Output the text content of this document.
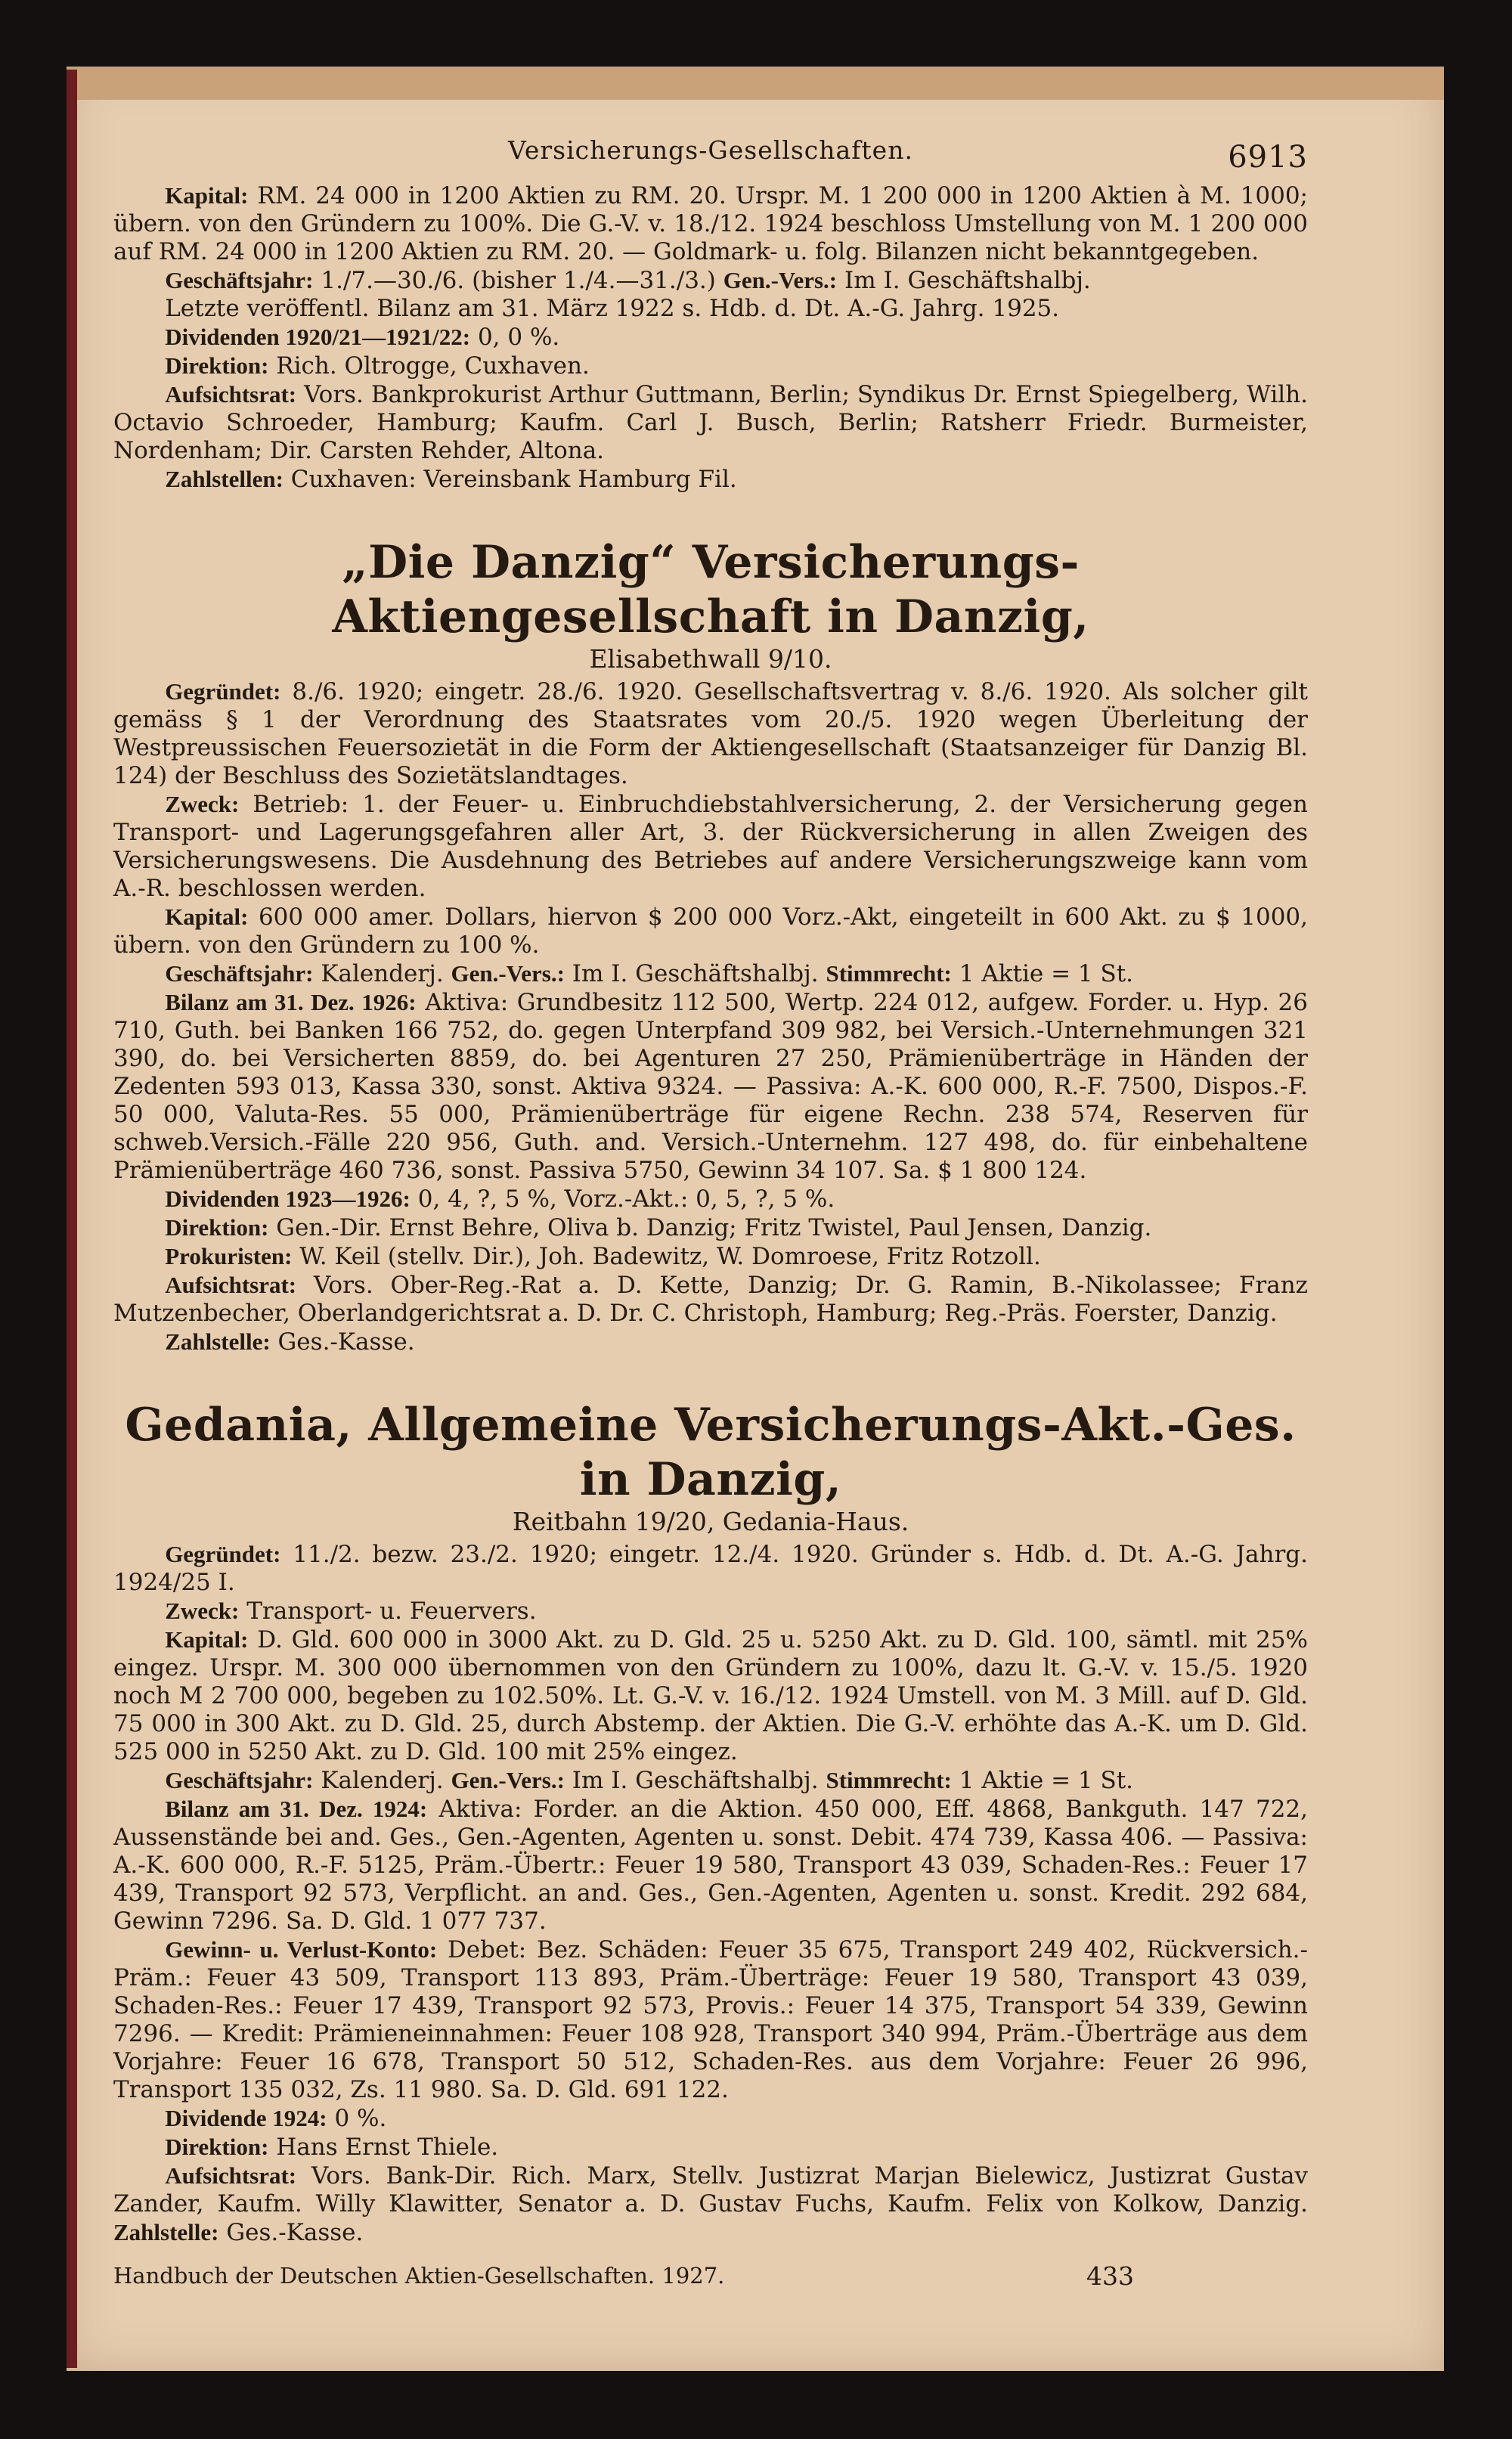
Versicherungs-Gesellschaften.	6913

Kapital: RM. 24 000 in 1200 Aktien zu RM. 20. Urspr. M. 1 200 000 in 1200 Aktien à M. 1000; übern. von den Gründern zu 100%. Die G.-V. v. 18./12. 1924 beschloss Umstellung von M. 1 200 000 auf RM. 24 000 in 1200 Aktien zu RM. 20. — Goldmark- u. folg. Bilanzen nicht bekanntgegeben.

Geschäftsjahr: 1./7.—30./6. (bisher 1./4.—31./3.) Gen.-Vers.: Im I. Geschäftshalbj.

Letzte veröffentl. Bilanz am 31. März 1922 s. Hdb. d. Dt. A.-G. Jahrg. 1925.

Dividenden 1920/21—1921/22: 0, 0 %.

Direktion: Rich. Oltrogge, Cuxhaven.

Aufsichtsrat: Vors. Bankprokurist Arthur Guttmann, Berlin; Syndikus Dr. Ernst Spiegelberg, Wilh. Octavio Schroeder, Hamburg; Kaufm. Carl J. Busch, Berlin; Ratsherr Friedr. Burmeister, Nordenham; Dir. Carsten Rehder, Altona.

Zahlstellen: Cuxhaven: Vereinsbank Hamburg Fil.

„Die Danzig“ Versicherungs-Aktiengesellschaft in Danzig,
Elisabethwall 9/10.

Gegründet: 8./6. 1920; eingetr. 28./6. 1920. Gesellschaftsvertrag v. 8./6. 1920. Als solcher gilt gemäss § 1 der Verordnung des Staatsrates vom 20./5. 1920 wegen Überleitung der Westpreussischen Feuersozietät in die Form der Aktiengesellschaft (Staatsanzeiger für Danzig Bl. 124) der Beschluss des Sozietätslandtages.

Zweck: Betrieb: 1. der Feuer- u. Einbruchdiebstahlversicherung, 2. der Versicherung gegen Transport- und Lagerungsgefahren aller Art, 3. der Rückversicherung in allen Zweigen des Versicherungswesens. Die Ausdehnung des Betriebes auf andere Versicherungszweige kann vom A.-R. beschlossen werden.

Kapital: 600 000 amer. Dollars, hiervon $ 200 000 Vorz.-Akt, eingeteilt in 600 Akt. zu $ 1000, übern. von den Gründern zu 100 %.

Geschäftsjahr: Kalenderj. Gen.-Vers.: Im I. Geschäftshalbj. Stimmrecht: 1 Aktie = 1 St.

Bilanz am 31. Dez. 1926: Aktiva: Grundbesitz 112 500, Wertp. 224 012, aufgew. Forder. u. Hyp. 26 710, Guth. bei Banken 166 752, do. gegen Unterpfand 309 982, bei Versich.-Unternehmungen 321 390, do. bei Versicherten 8859, do. bei Agenturen 27 250, Prämienüberträge in Händen der Zedenten 593 013, Kassa 330, sonst. Aktiva 9324. — Passiva: A.-K. 600 000, R.-F. 7500, Dispos.-F. 50 000, Valuta-Res. 55 000, Prämienüberträge für eigene Rechn. 238 574, Reserven für schweb.Versich.-Fälle 220 956, Guth. and. Versich.-Unternehm. 127 498, do. für einbehaltene Prämienüberträge 460 736, sonst. Passiva 5750, Gewinn 34 107. Sa. $ 1 800 124.

Dividenden 1923—1926: 0, 4, ?, 5 %, Vorz.-Akt.: 0, 5, ?, 5 %.

Direktion: Gen.-Dir. Ernst Behre, Oliva b. Danzig; Fritz Twistel, Paul Jensen, Danzig.

Prokuristen: W. Keil (stellv. Dir.), Joh. Badewitz, W. Domroese, Fritz Rotzoll.

Aufsichtsrat: Vors. Ober-Reg.-Rat a. D. Kette, Danzig; Dr. G. Ramin, B.-Nikolassee; Franz Mutzenbecher, Oberlandgerichtsrat a. D. Dr. C. Christoph, Hamburg; Reg.-Präs. Foerster, Danzig.

Zahlstelle: Ges.-Kasse.

Gedania, Allgemeine Versicherungs-Akt.-Ges. in Danzig,
Reitbahn 19/20, Gedania-Haus.

Gegründet: 11./2. bezw. 23./2. 1920; eingetr. 12./4. 1920. Gründer s. Hdb. d. Dt. A.-G. Jahrg. 1924/25 I.

Zweck: Transport- u. Feuervers.

Kapital: D. Gld. 600 000 in 3000 Akt. zu D. Gld. 25 u. 5250 Akt. zu D. Gld. 100, sämtl. mit 25% eingez. Urspr. M. 300 000 übernommen von den Gründern zu 100%, dazu lt. G.-V. v. 15./5. 1920 noch M 2 700 000, begeben zu 102.50%. Lt. G.-V. v. 16./12. 1924 Umstell. von M. 3 Mill. auf D. Gld. 75 000 in 300 Akt. zu D. Gld. 25, durch Abstemp. der Aktien. Die G.-V. erhöhte das A.-K. um D. Gld. 525 000 in 5250 Akt. zu D. Gld. 100 mit 25% eingez.

Geschäftsjahr: Kalenderj. Gen.-Vers.: Im I. Geschäftshalbj. Stimmrecht: 1 Aktie = 1 St.

Bilanz am 31. Dez. 1924: Aktiva: Forder. an die Aktion. 450 000, Eff. 4868, Bankguth. 147 722, Aussenstände bei and. Ges., Gen.-Agenten, Agenten u. sonst. Debit. 474 739, Kassa 406. — Passiva: A.-K. 600 000, R.-F. 5125, Präm.-Übertr.: Feuer 19 580, Transport 43 039, Schaden-Res.: Feuer 17 439, Transport 92 573, Verpflicht. an and. Ges., Gen.-Agenten, Agenten u. sonst. Kredit. 292 684, Gewinn 7296. Sa. D. Gld. 1 077 737.

Gewinn- u. Verlust-Konto: Debet: Bez. Schäden: Feuer 35 675, Transport 249 402, Rückversich.-Präm.: Feuer 43 509, Transport 113 893, Präm.-Überträge: Feuer 19 580, Transport 43 039, Schaden-Res.: Feuer 17 439, Transport 92 573, Provis.: Feuer 14 375, Transport 54 339, Gewinn 7296. — Kredit: Prämieneinnahmen: Feuer 108 928, Transport 340 994, Präm.-Überträge aus dem Vorjahre: Feuer 16 678, Transport 50 512, Schaden-Res. aus dem Vorjahre: Feuer 26 996, Transport 135 032, Zs. 11 980. Sa. D. Gld. 691 122.

Dividende 1924: 0 %.

Direktion: Hans Ernst Thiele.

Aufsichtsrat: Vors. Bank-Dir. Rich. Marx, Stellv. Justizrat Marjan Bielewicz, Justizrat Gustav Zander, Kaufm. Willy Klawitter, Senator a. D. Gustav Fuchs, Kaufm. Felix von Kolkow, Danzig. Zahlstelle: Ges.-Kasse.

Handbuch der Deutschen Aktien-Gesellschaften. 1927.	433
